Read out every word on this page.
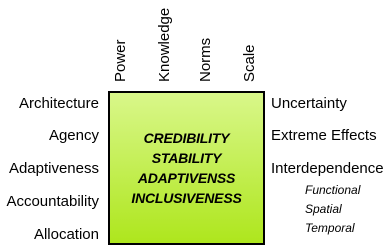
Power Knowledge Norms Scale
Architecture
Agency
Adaptiveness
Accountability
Allocation
CREDIBILITY
STABILITY
ADAPTIVENSS
INCLUSIVENESS
Uncertainty
Extreme Effects
Interdependence
Functional
Spatial
Temporal
